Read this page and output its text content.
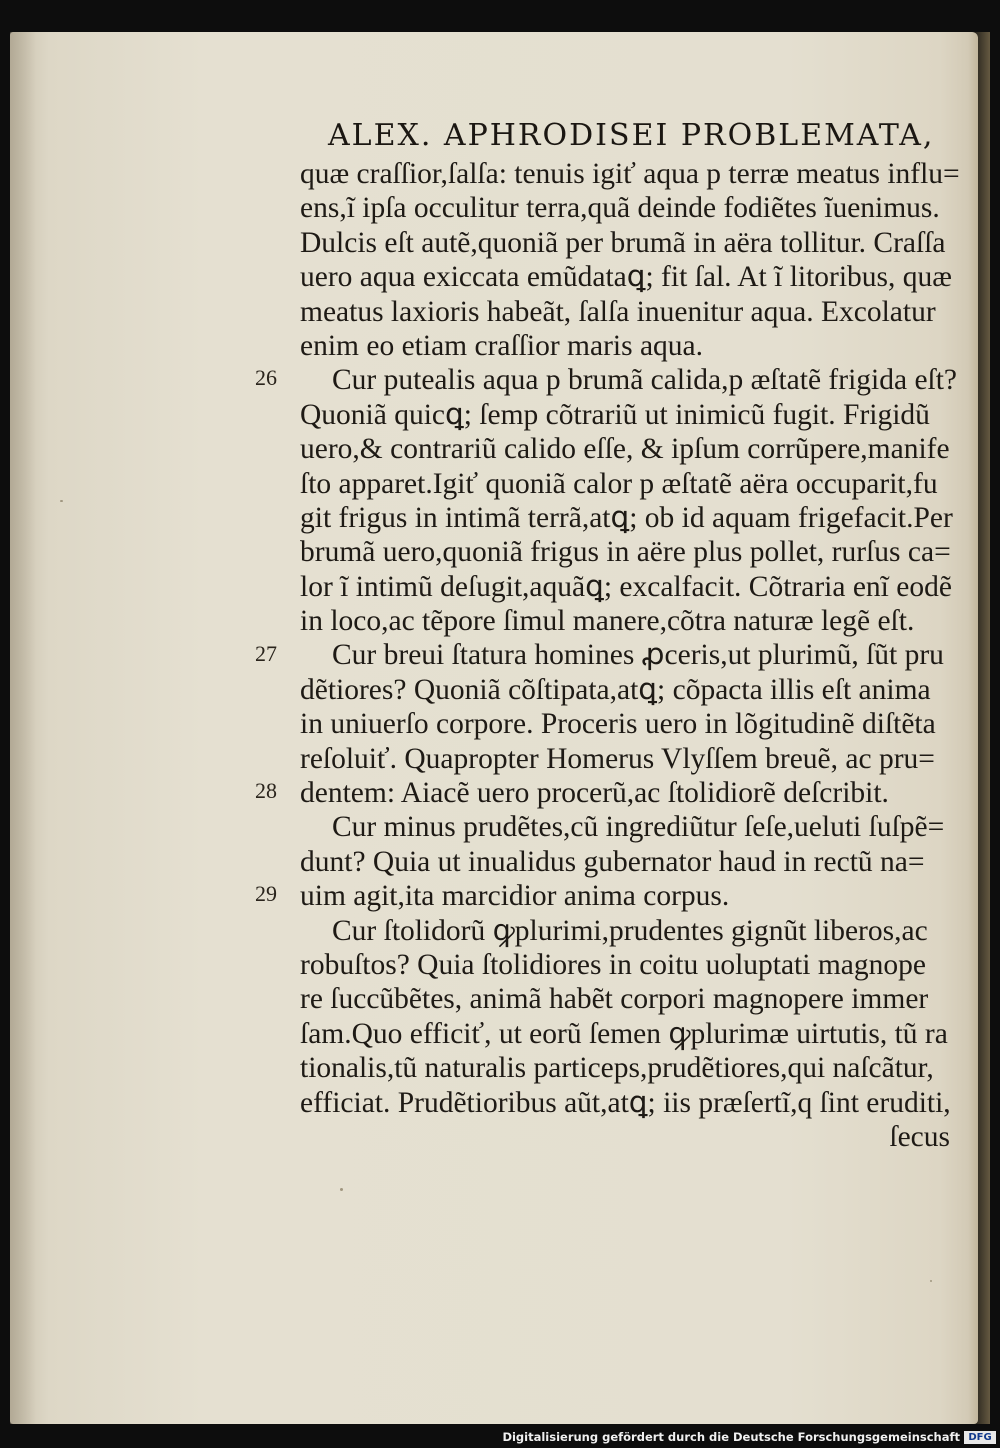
ALEX. APHRODISEI PROBLEMATA,
quæ craſſior,ſalſa: tenuis igiť aqua p terræ meatus influ=
ens,ĩ ipſa occulitur terra,quã deinde fodiẽtes ĩuenimus.
Dulcis eſt autẽ,quoniã per brumã in aëra tollitur. Craſſa
uero aqua exiccata emũdataꝗ; fit ſal. At ĩ litoribus, quæ
meatus laxioris habeãt, ſalſa inuenitur aqua. Excolatur
enim eo etiam craſſior maris aqua.
Cur putealis aqua p brumã calida,p æſtatẽ frigida eſt?
Quoniã quicꝗ; ſemp cõtrariũ ut inimicũ fugit. Frigidũ
uero,& contrariũ calido eſſe, & ipſum corrũpere,manife
ſto apparet.Igiť quoniã calor p æſtatẽ aëra occuparit,fu
git frigus in intimã terrã,atꝗ; ob id aquam frigefacit.Per
brumã uero,quoniã frigus in aëre plus pollet, rurſus ca=
lor ĩ intimũ deſugit,aquãꝗ; excalfacit. Cõtraria enĩ eodẽ
in loco,ac tẽpore ſimul manere,cõtra naturæ legẽ eſt.
Cur breui ſtatura homines ꝓceris,ut plurimũ, ſũt pru
dẽtiores? Quoniã cõſtipata,atꝗ; cõpacta illis eſt anima
in uniuerſo corpore. Proceris uero in lõgitudinẽ diſtẽta
reſoluiť. Quapropter Homerus Vlyſſem breuẽ, ac pru=
dentem: Aiacẽ uero procerũ,ac ſtolidiorẽ deſcribit.
Cur minus prudẽtes,cũ ingrediũtur ſeſe,ueluti ſuſpẽ=
dunt? Quia ut inualidus gubernator haud in rectũ na=
uim agit,ita marcidior anima corpus.
Cur ſtolidorũ ꝙplurimi,prudentes gignũt liberos,ac
robuſtos? Quia ſtolidiores in coitu uoluptati magnope
re ſuccũbẽtes, animã habẽt corpori magnopere immer
ſam.Quo efficiť, ut eorũ ſemen ꝙplurimæ uirtutis, tũ ra
tionalis,tũ naturalis particeps,prudẽtiores,qui naſcãtur,
efficiat. Prudẽtioribus aũt,atꝗ; iis præſertĩ,q ſint eruditi,
ſecus
26
27
28
29
Digitalisierung gefördert durch die Deutsche Forschungsgemeinschaft DFG
